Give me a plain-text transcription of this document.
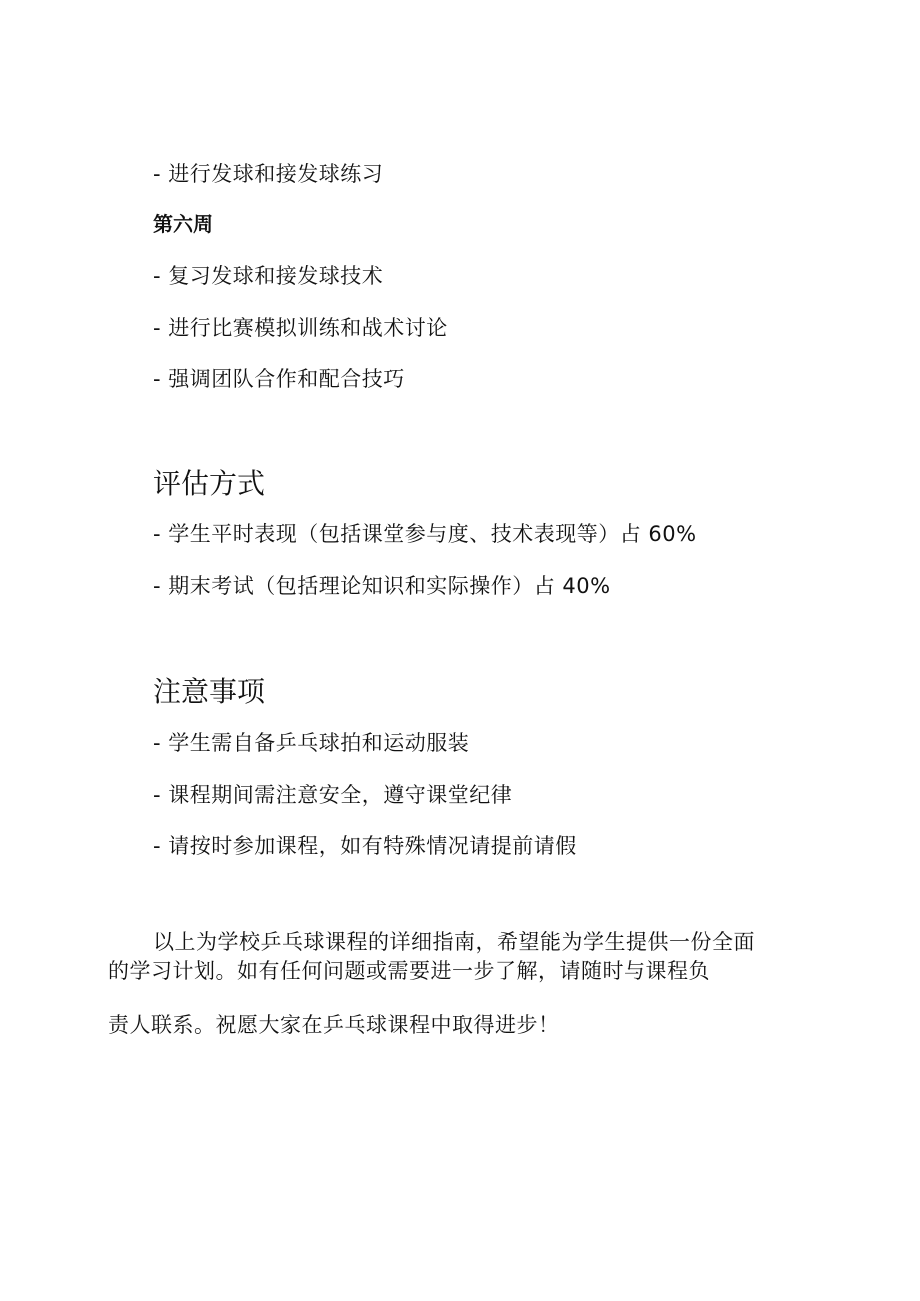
- 进行发球和接发球练习

第六周

- 复习发球和接发球技术

- 进行比赛模拟训练和战术讨论

- 强调团队合作和配合技巧

评估方式

- 学生平时表现（包括课堂参与度、技术表现等）占 60%

- 期末考试（包括理论知识和实际操作）占 40%

注意事项

- 学生需自备乒乓球拍和运动服装

- 课程期间需注意安全，遵守课堂纪律

- 请按时参加课程，如有特殊情况请提前请假

以上为学校乒乓球课程的详细指南，希望能为学生提供一份全面

的学习计划。如有任何问题或需要进一步了解，请随时与课程负

责人联系。祝愿大家在乒乓球课程中取得进步！
